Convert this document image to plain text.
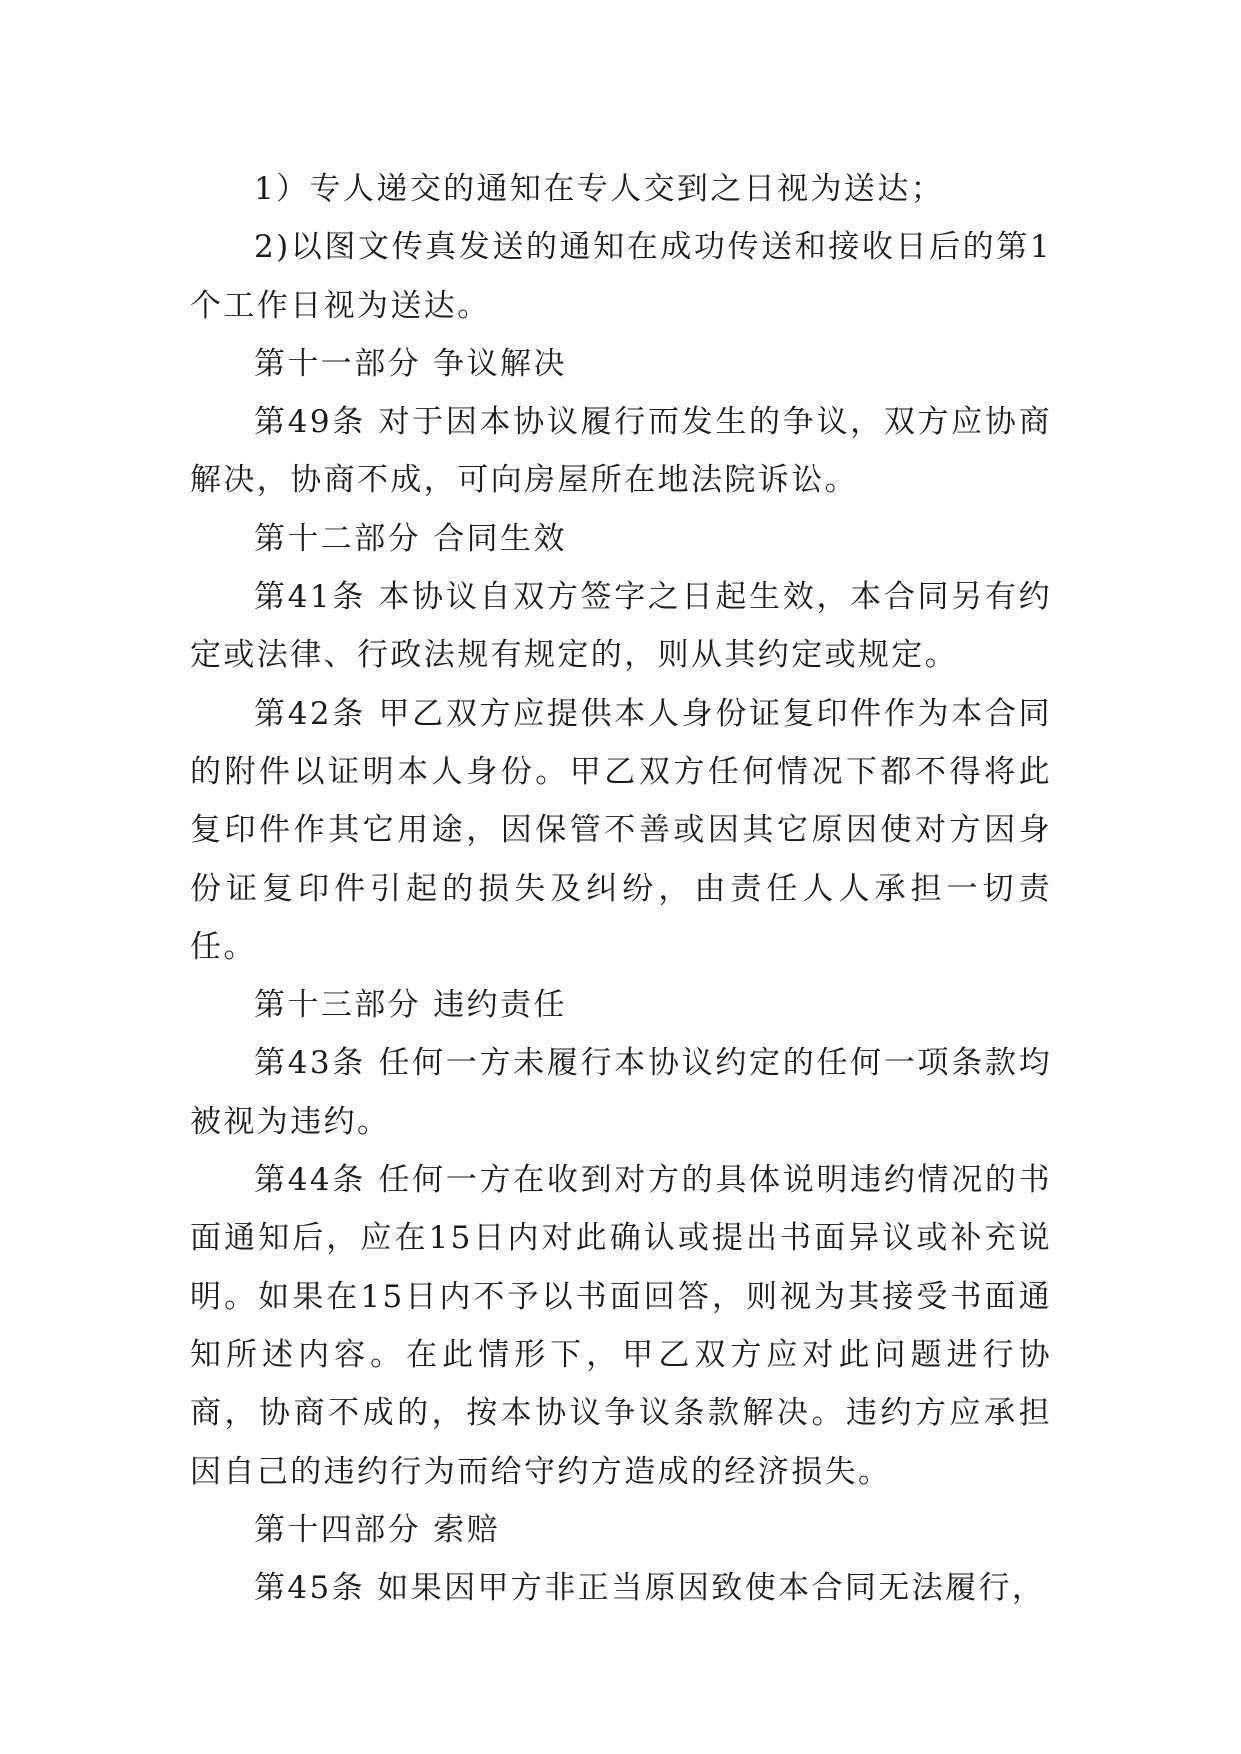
1）专人递交的通知在专人交到之日视为送达；

2)以图文传真发送的通知在成功传送和接收日后的第1个工作日视为送达。

第十一部分 争议解决

第49条 对于因本协议履行而发生的争议，双方应协商解决，协商不成，可向房屋所在地法院诉讼。

第十二部分 合同生效

第41条 本协议自双方签字之日起生效，本合同另有约定或法律、行政法规有规定的，则从其约定或规定。

第42条 甲乙双方应提供本人身份证复印件作为本合同的附件以证明本人身份。甲乙双方任何情况下都不得将此复印件作其它用途，因保管不善或因其它原因使对方因身份证复印件引起的损失及纠纷，由责任人人承担一切责任。

第十三部分 违约责任

第43条 任何一方未履行本协议约定的任何一项条款均被视为违约。

第44条 任何一方在收到对方的具体说明违约情况的书面通知后，应在15日内对此确认或提出书面异议或补充说明。如果在15日内不予以书面回答，则视为其接受书面通知所述内容。在此情形下，甲乙双方应对此问题进行协商，协商不成的，按本协议争议条款解决。违约方应承担因自己的违约行为而给守约方造成的经济损失。

第十四部分 索赔

第45条 如果因甲方非正当原因致使本合同无法履行，
